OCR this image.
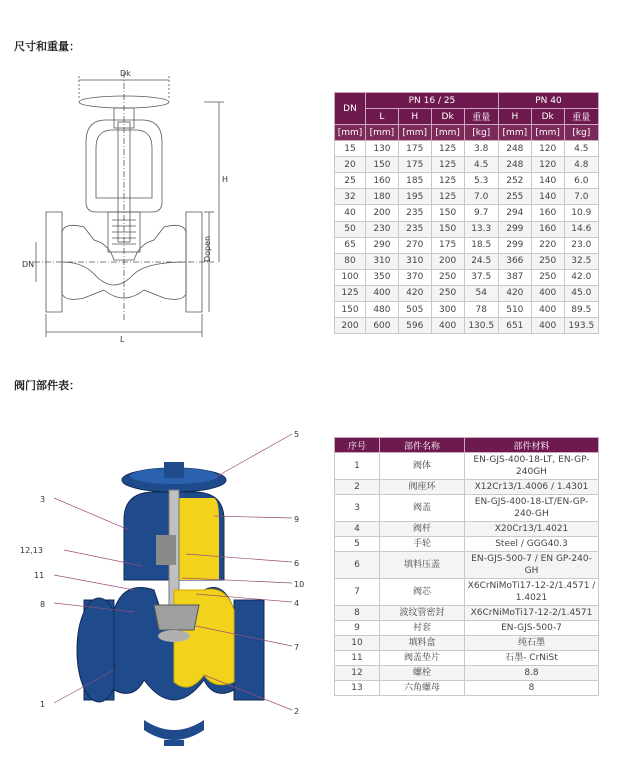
尺寸和重量：
Dk
H
L
DN
Dopen
DN	PN 16 / 25				PN 40		
	L	H	Dk	重量	H	Dk	重量
[mm]	[mm]	[mm]	[mm]	[kg]	[mm]	[mm]	[kg]
15	130	175	125	3.8	248	120	4.5
20	150	175	125	4.5	248	120	4.8
25	160	185	125	5.3	252	140	6.0
32	180	195	125	7.0	255	140	7.0
40	200	235	150	9.7	294	160	10.9
50	230	235	150	13.3	299	160	14.6
65	290	270	175	18.5	299	220	23.0
80	310	310	200	24.5	366	250	32.5
100	350	370	250	37.5	387	250	42.0
125	400	420	250	54	420	400	45.0
150	480	505	300	78	510	400	89.5
200	600	596	400	130.5	651	400	193.5
阀门部件表：
5
3
9
12,13
6
11
10
8	4
7
1
2
序号	部件名称	部件材料
1	阀体	EN-GJS-400-18-LT, EN-GP-240GH
2	阀座环	X12Cr13/1.4006 / 1.4301
3	阀盖	EN-GJS-400-18-LT/EN-GP-240-GH
4	阀杆	X20Cr13/1.4021
5	手轮	Steel / GGG40.3
6	填料压盖	EN-GJS-500-7 / EN GP-240-GH
7	阀芯	X6CrNiMoTi17-12-2/1.4571 / 1.4021
8	波纹管密封	X6CrNiMoTi17-12-2/1.4571
9	衬套	EN-GJS-500-7
10	填料盒	纯石墨
11	阀盖垫片	石墨- CrNiSt
12	螺栓	8.8
13	六角螺母	8
